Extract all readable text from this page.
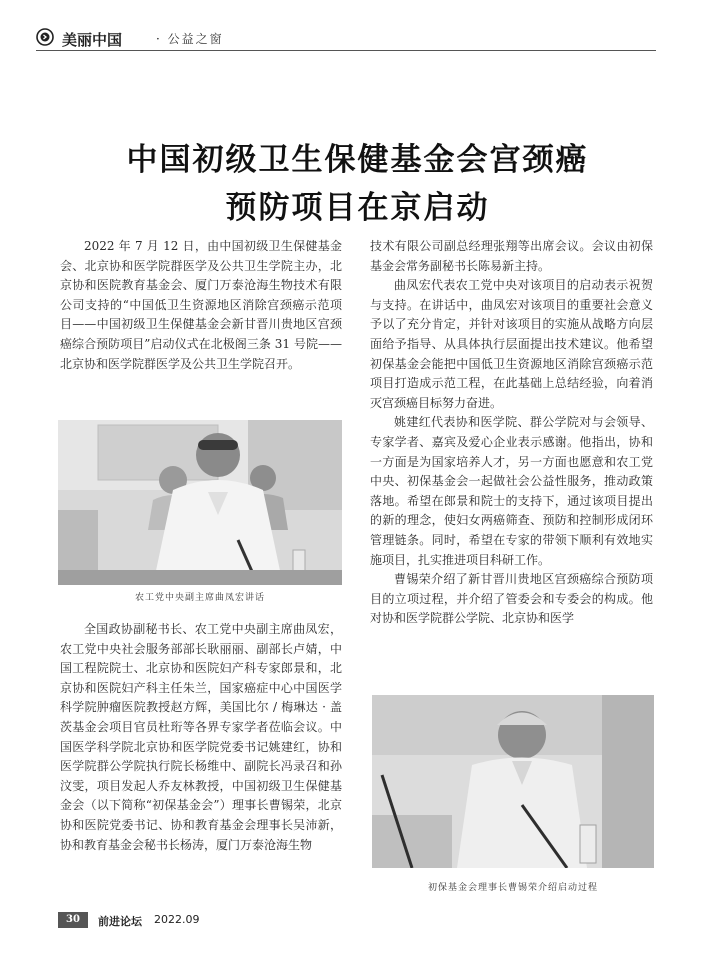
美丽中国	· 公益之窗
中国初级卫生保健基金会宫颈癌
预防项目在京启动

2022 年 7 月 12 日，由中国初级卫生保健基金会、北京协和医学院群医学及公共卫生学院主办，北京协和医院教育基金会、厦门万泰沧海生物技术有限公司支持的“中国低卫生资源地区消除宫颈癌示范项目——中国初级卫生保健基金会新甘晋川贵地区宫颈癌综合预防项目”启动仪式在北极阁三条 31 号院——北京协和医学院群医学及公共卫生学院召开。

农工党中央副主席曲凤宏讲话

全国政协副秘书长、农工党中央副主席曲凤宏，农工党中央社会服务部部长耿丽丽、副部长卢婧，中国工程院院士、北京协和医院妇产科专家郎景和，北京协和医院妇产科主任朱兰，国家癌症中心中国医学科学院肿瘤医院教授赵方辉，美国比尔 / 梅琳达 · 盖茨基金会项目官员杜珩等各界专家学者莅临会议。中国医学科学院北京协和医学院党委书记姚建红，协和医学院群公学院执行院长杨维中、副院长冯录召和孙汶雯，项目发起人乔友林教授，中国初级卫生保健基金会（以下简称“初保基金会”）理事长曹锡荣，北京协和医院党委书记、协和教育基金会理事长吴沛新，协和教育基金会秘书长杨涛，厦门万泰沧海生物

技术有限公司副总经理张翔等出席会议。会议由初保基金会常务副秘书长陈易新主持。

曲凤宏代表农工党中央对该项目的启动表示祝贺与支持。在讲话中，曲凤宏对该项目的重要社会意义予以了充分肯定，并针对该项目的实施从战略方向层面给予指导、从具体执行层面提出技术建议。他希望初保基金会能把中国低卫生资源地区消除宫颈癌示范项目打造成示范工程，在此基础上总结经验，向着消灭宫颈癌目标努力奋进。

姚建红代表协和医学院、群公学院对与会领导、专家学者、嘉宾及爱心企业表示感谢。他指出，协和一方面是为国家培养人才，另一方面也愿意和农工党中央、初保基金会一起做社会公益性服务，推动政策落地。希望在郎景和院士的支持下，通过该项目提出的新的理念，使妇女两癌筛查、预防和控制形成闭环管理链条。同时，希望在专家的带领下顺利有效地实施项目，扎实推进项目科研工作。

曹锡荣介绍了新甘晋川贵地区宫颈癌综合预防项目的立项过程，并介绍了管委会和专委会的构成。他对协和医学院群公学院、北京协和医学

初保基金会理事长曹锡荣介绍启动过程
30	前进论坛 2022.09
